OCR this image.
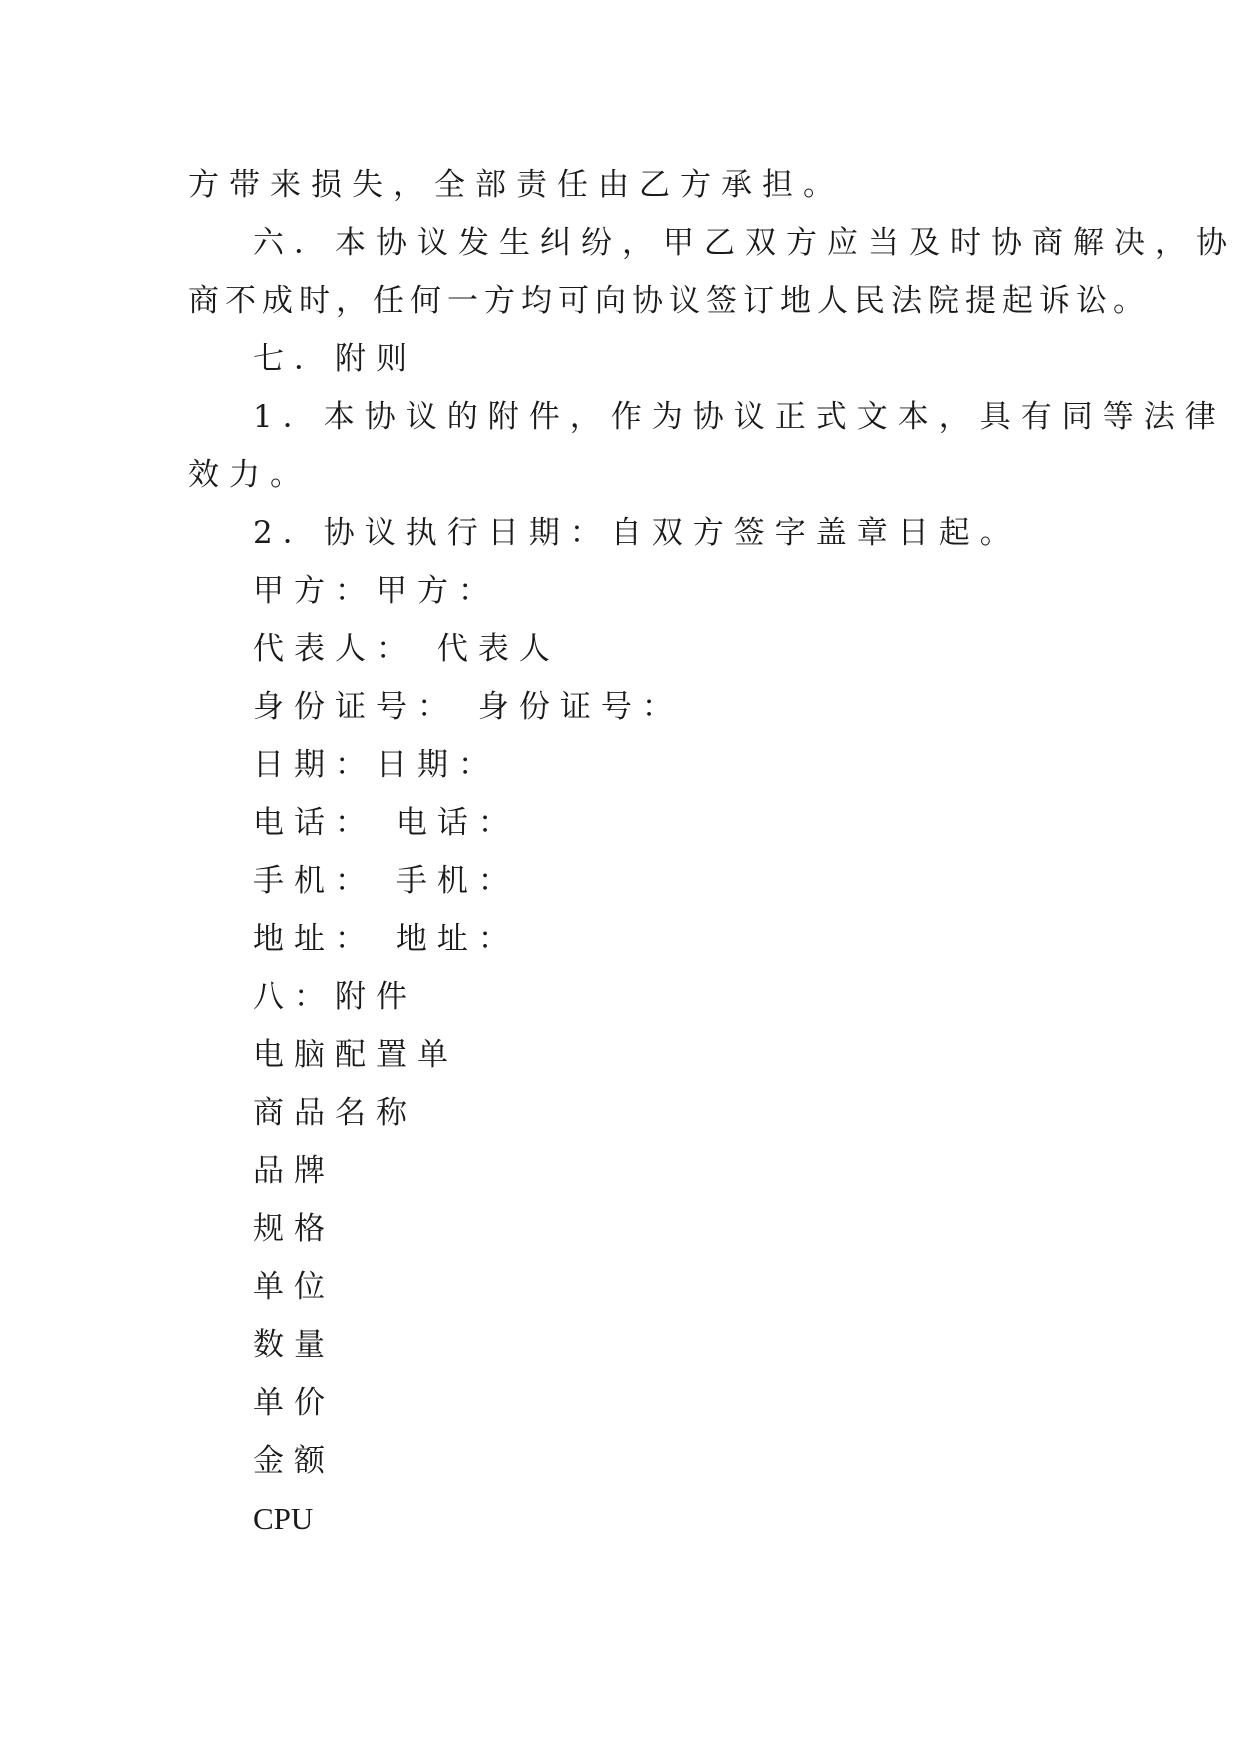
方带来损失，全部责任由乙方承担。
六．本协议发生纠纷，甲乙双方应当及时协商解决，协
商不成时，任何一方均可向协议签订地人民法院提起诉讼。
七．附则
1．本协议的附件，作为协议正式文本，具有同等法律
效力。
2．协议执行日期：自双方签字盖章日起。
甲方：甲方：
代表人： 代表人
身份证号： 身份证号：
日期：日期：
电话： 电话：
手机： 手机：
地址： 地址：
八：附件
电脑配置单
商品名称
品牌
规格
单位
数量
单价
金额
CPU
